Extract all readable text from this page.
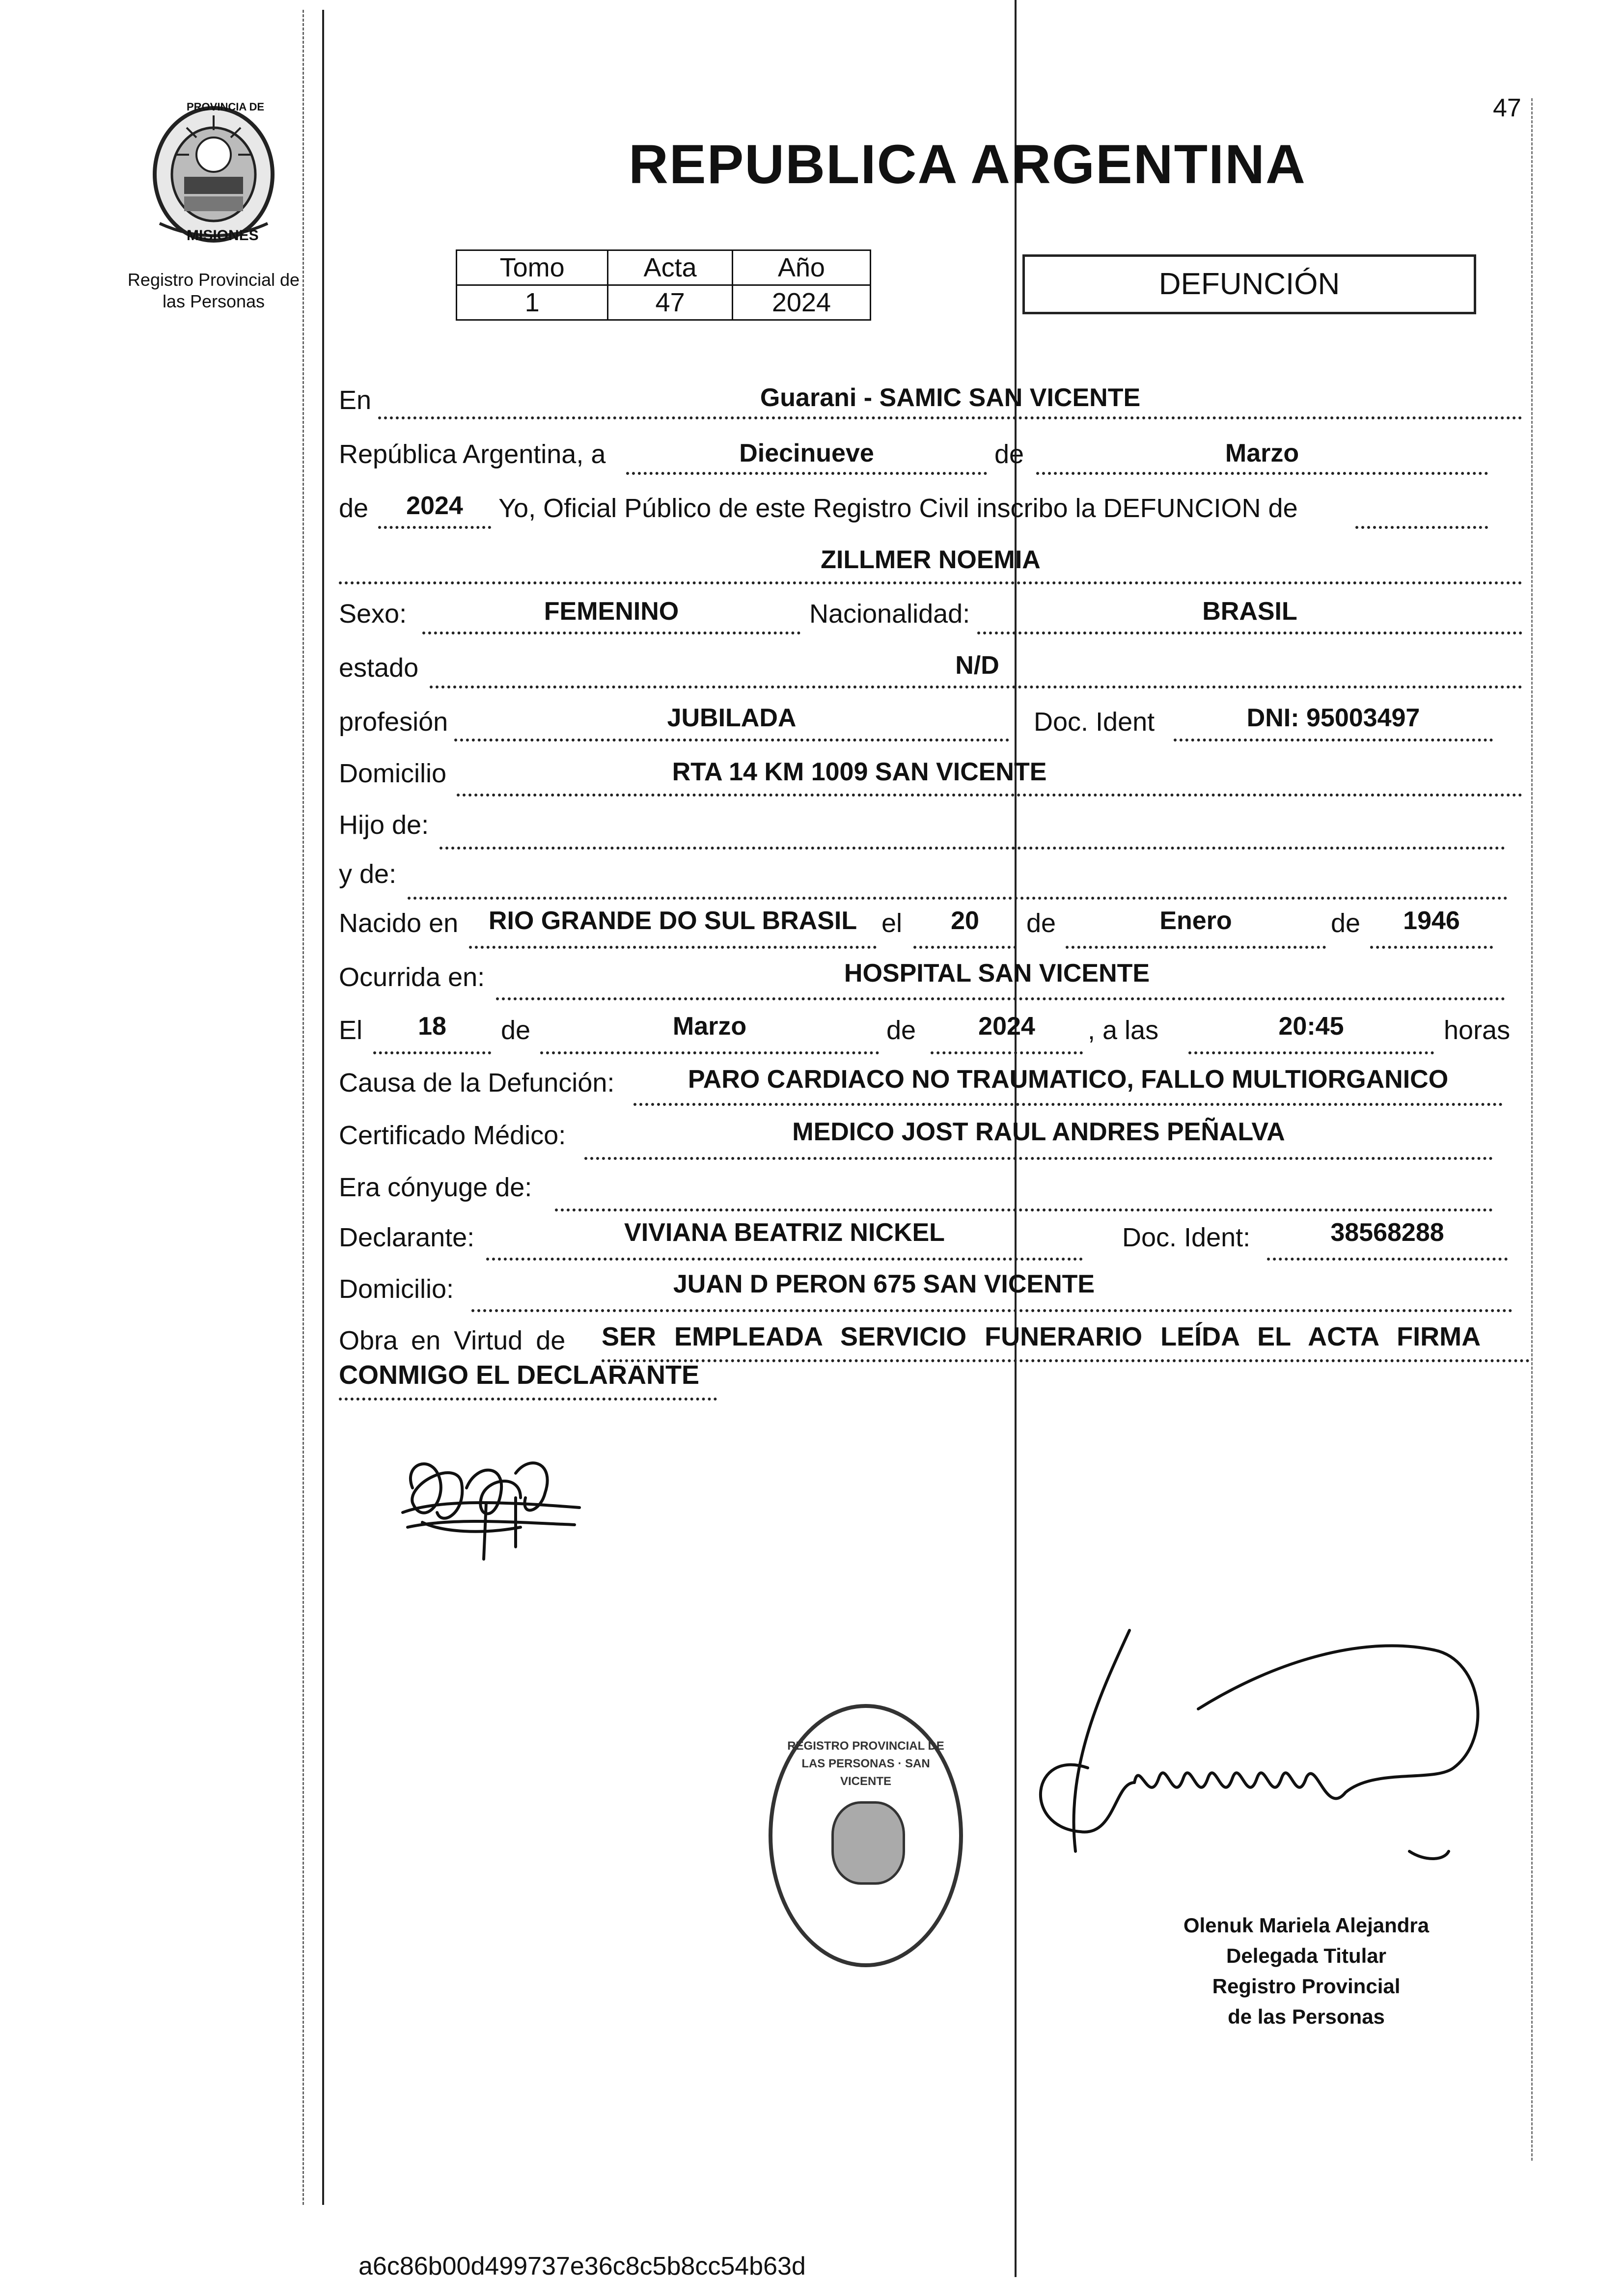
47
PROVINCIA DE
MISIONES
Registro Provincial de
las Personas
REPUBLICA ARGENTINA
Tomo	Acta	Año
1	47	2024
DEFUNCIÓN
En	Guarani - SAMIC SAN VICENTE
República Argentina, a	Diecinueve	de	Marzo
de	2024	Yo, Oficial Público de este Registro Civil inscribo la DEFUNCION de
ZILLMER NOEMIA
Sexo:	FEMENINO	Nacionalidad:	BRASIL
estado	N/D
profesión	JUBILADA	Doc. Ident	DNI: 95003497
Domicilio	RTA 14 KM 1009 SAN VICENTE
Hijo de:
y de:
Nacido en	RIO GRANDE DO SUL BRASIL el	20	de	Enero	de	1946
Ocurrida en:	HOSPITAL SAN VICENTE
El	18	de	Marzo	de	2024	, a las	20:45	horas
Causa de la Defunción:	PARO CARDIACO NO TRAUMATICO, FALLO MULTIORGANICO
Certificado Médico:	MEDICO JOST RAUL ANDRES PEÑALVA
Era cónyuge de:
Declarante:	VIVIANA BEATRIZ NICKEL	Doc. Ident:	38568288
Domicilio:	JUAN D PERON 675 SAN VICENTE
Obra en Virtud de SER EMPLEADA SERVICIO FUNERARIO LEÍDA EL ACTA FIRMA
CONMIGO EL DECLARANTE
REGISTRO PROVINCIAL DE LAS PERSONAS · SAN VICENTE
Olenuk Mariela Alejandra
Delegada Titular
Registro Provincial
de las Personas
a6c86b00d499737e36c8c5b8cc54b63d
